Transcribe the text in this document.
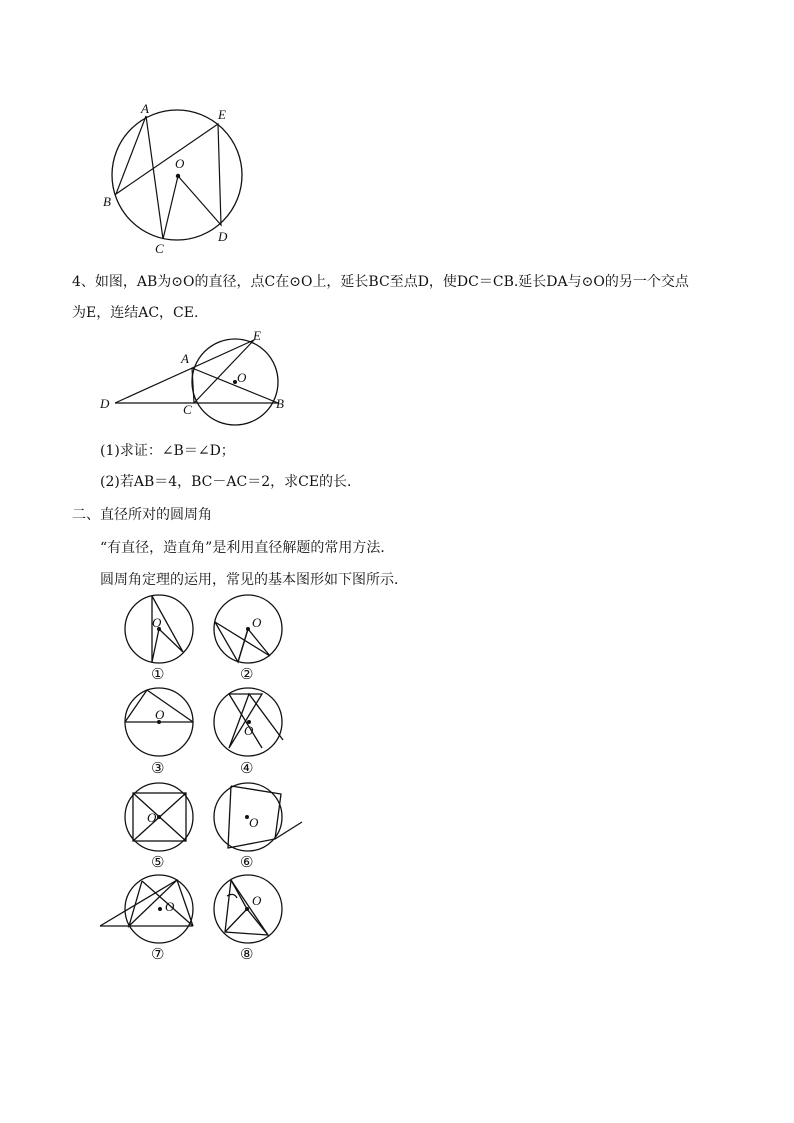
A	E
O
B
D
C
4、如图，AB为⊙O的直径，点C在⊙O上，延长BC至点D，使DC＝CB.延长DA与⊙O的另一个交点
为E，连结AC，CE.
E
A
O
D	C	B
(1)求证：∠B＝∠D；
(2)若AB＝4，BC－AC＝2，求CE的长．
二、直径所对的圆周角
“有直径，造直角”是利用直径解题的常用方法．
圆周角定理的运用，常见的基本图形如下图所示．
O	O
O
O
O	O
O	O
①	②
③	④
⑤	⑥
⑦	⑧
